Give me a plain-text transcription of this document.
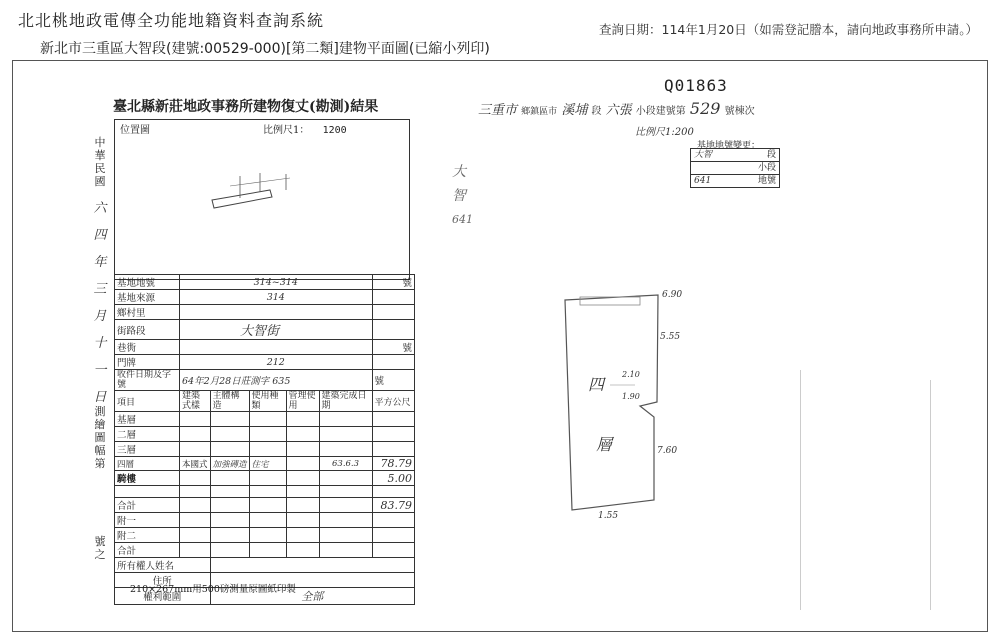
北北桃地政電傳全功能地籍資料查詢系統
新北市三重區大智段(建號:00529-000)[第二類]建物平面圖(已縮小列印)
查詢日期：114年1月20日（如需登記謄本，請向地政事務所申請。）
Q01863
臺北縣新莊地政事務所建物復丈(勘測)結果
位置圖	比例尺1： 1200
中華民國
六
四
年
三
月
十
一
日
測繪圖幅第
號之
基地地號	314~314					號
基地來源	314					
鄉村里						
街路段	大智街					
巷衖						號
門牌	212					
收件日期及字號	64年2月28日莊測字 635					號
項目	建築式樣	主體構造	使用種類	管理使用	建築完成日期	平方公尺
基層						
二層						
三層						
四層	本國式	加強磚造	住宅		63.6.3	78.79
騎樓						5.00

合計						83.79
附一						
附二						
合計						
所有權人姓名						
住所						
權利範圍		全部				
210×267mm用500磅測量原圖紙印製
三重市 鄉鎮區市 溪埔 段 六張 小段建號第 529 號棟次
比例尺1:200
基地地號變更：
大智	段
小段
641	地號
大
智
641
四
層
6.90
5.55
7.60
1.55
2.10
1.90
